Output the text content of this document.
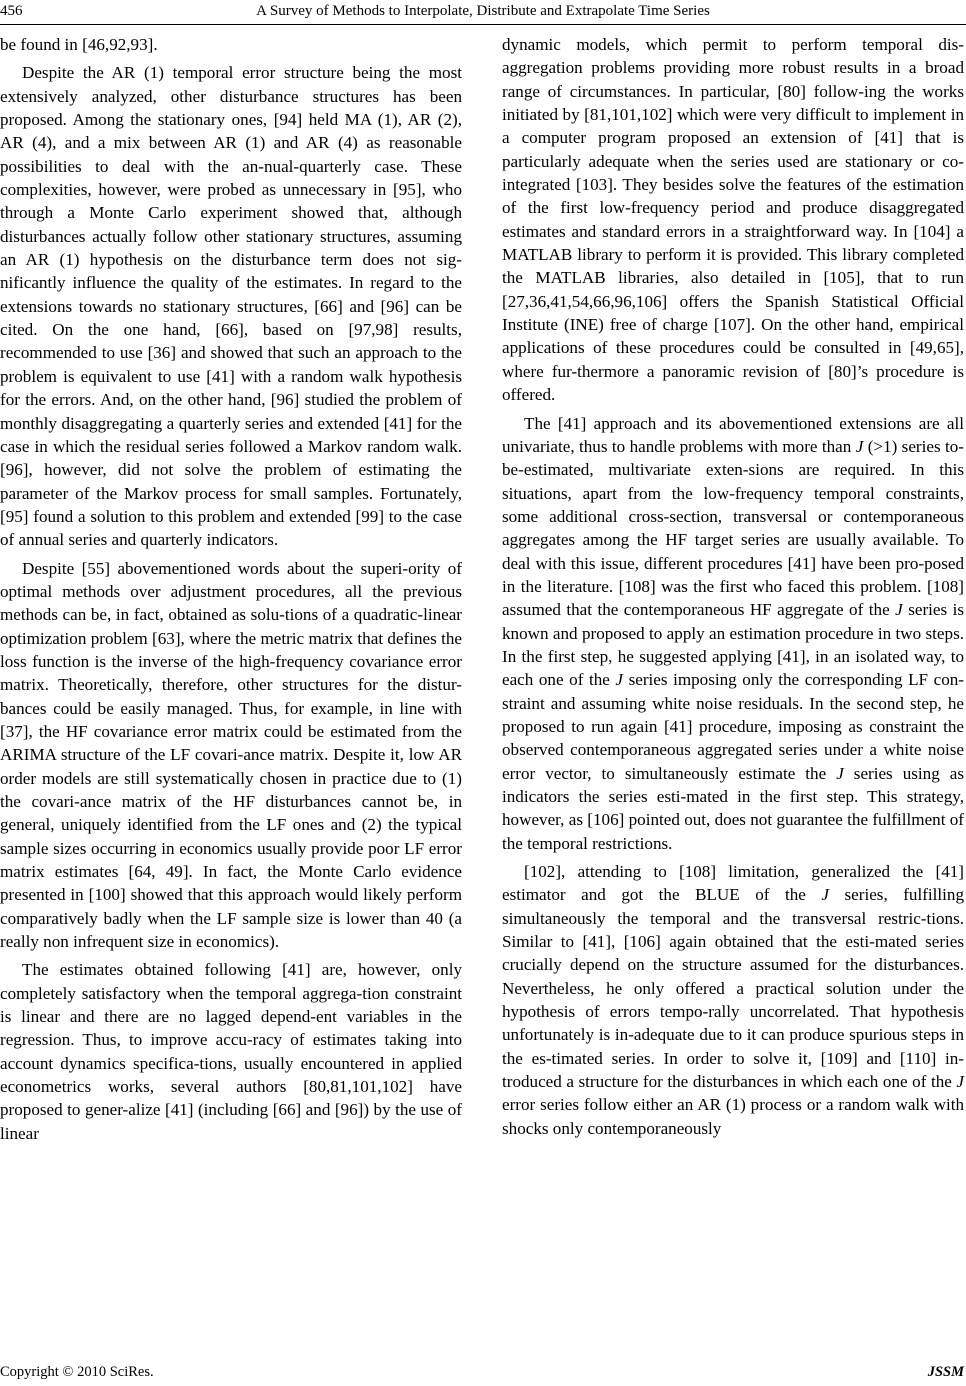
456	A Survey of Methods to Interpolate, Distribute and Extrapolate Time Series

be found in [46,92,93].

Despite the AR (1) temporal error structure being the most extensively analyzed, other disturbance structures has been proposed. Among the stationary ones, [94] held MA (1), AR (2), AR (4), and a mix between AR (1) and AR (4) as reasonable possibilities to deal with the an-nual-quarterly case. These complexities, however, were probed as unnecessary in [95], who through a Monte Carlo experiment showed that, although disturbances actually follow other stationary structures, assuming an AR (1) hypothesis on the disturbance term does not sig-nificantly influence the quality of the estimates. In regard to the extensions towards no stationary structures, [66] and [96] can be cited. On the one hand, [66], based on [97,98] results, recommended to use [36] and showed that such an approach to the problem is equivalent to use [41] with a random walk hypothesis for the errors. And, on the other hand, [96] studied the problem of monthly disaggregating a quarterly series and extended [41] for the case in which the residual series followed a Markov random walk. [96], however, did not solve the problem of estimating the parameter of the Markov process for small samples. Fortunately, [95] found a solution to this problem and extended [99] to the case of annual series and quarterly indicators.

Despite [55] abovementioned words about the superi-ority of optimal methods over adjustment procedures, all the previous methods can be, in fact, obtained as solu-tions of a quadratic-linear optimization problem [63], where the metric matrix that defines the loss function is the inverse of the high-frequency covariance error matrix. Theoretically, therefore, other structures for the distur-bances could be easily managed. Thus, for example, in line with [37], the HF covariance error matrix could be estimated from the ARIMA structure of the LF covari-ance matrix. Despite it, low AR order models are still systematically chosen in practice due to (1) the covari-ance matrix of the HF disturbances cannot be, in general, uniquely identified from the LF ones and (2) the typical sample sizes occurring in economics usually provide poor LF error matrix estimates [64, 49]. In fact, the Monte Carlo evidence presented in [100] showed that this approach would likely perform comparatively badly when the LF sample size is lower than 40 (a really non infrequent size in economics).

The estimates obtained following [41] are, however, only completely satisfactory when the temporal aggrega-tion constraint is linear and there are no lagged depend-ent variables in the regression. Thus, to improve accu-racy of estimates taking into account dynamics specifica-tions, usually encountered in applied econometrics works, several authors [80,81,101,102] have proposed to gener-alize [41] (including [66] and [96]) by the use of linear

dynamic models, which permit to perform temporal dis-aggregation problems providing more robust results in a broad range of circumstances. In particular, [80] follow-ing the works initiated by [81,101,102] which were very difficult to implement in a computer program proposed an extension of [41] that is particularly adequate when the series used are stationary or co-integrated [103]. They besides solve the features of the estimation of the first low-frequency period and produce disaggregated estimates and standard errors in a straightforward way. In [104] a MATLAB library to perform it is provided. This library completed the MATLAB libraries, also detailed in [105], that to run [27,36,41,54,66,96,106] offers the Spanish Statistical Official Institute (INE) free of charge [107]. On the other hand, empirical applications of these procedures could be consulted in [49,65], where fur-thermore a panoramic revision of [80]’s procedure is offered.

The [41] approach and its abovementioned extensions are all univariate, thus to handle problems with more than J (>1) series to-be-estimated, multivariate exten-sions are required. In this situations, apart from the low-frequency temporal constraints, some additional cross-section, transversal or contemporaneous aggregates among the HF target series are usually available. To deal with this issue, different procedures [41] have been pro-posed in the literature. [108] was the first who faced this problem. [108] assumed that the contemporaneous HF aggregate of the J series is known and proposed to apply an estimation procedure in two steps. In the first step, he suggested applying [41], in an isolated way, to each one of the J series imposing only the corresponding LF con-straint and assuming white noise residuals. In the second step, he proposed to run again [41] procedure, imposing as constraint the observed contemporaneous aggregated series under a white noise error vector, to simultaneously estimate the J series using as indicators the series esti-mated in the first step. This strategy, however, as [106] pointed out, does not guarantee the fulfillment of the temporal restrictions.

[102], attending to [108] limitation, generalized the [41] estimator and got the BLUE of the J series, fulfilling simultaneously the temporal and the transversal restric-tions. Similar to [41], [106] again obtained that the esti-mated series crucially depend on the structure assumed for the disturbances. Nevertheless, he only offered a practical solution under the hypothesis of errors tempo-rally uncorrelated. That hypothesis unfortunately is in-adequate due to it can produce spurious steps in the es-timated series. In order to solve it, [109] and [110] in-troduced a structure for the disturbances in which each one of the J error series follow either an AR (1) process or a random walk with shocks only contemporaneously

Copyright © 2010 SciRes.	JSSM
